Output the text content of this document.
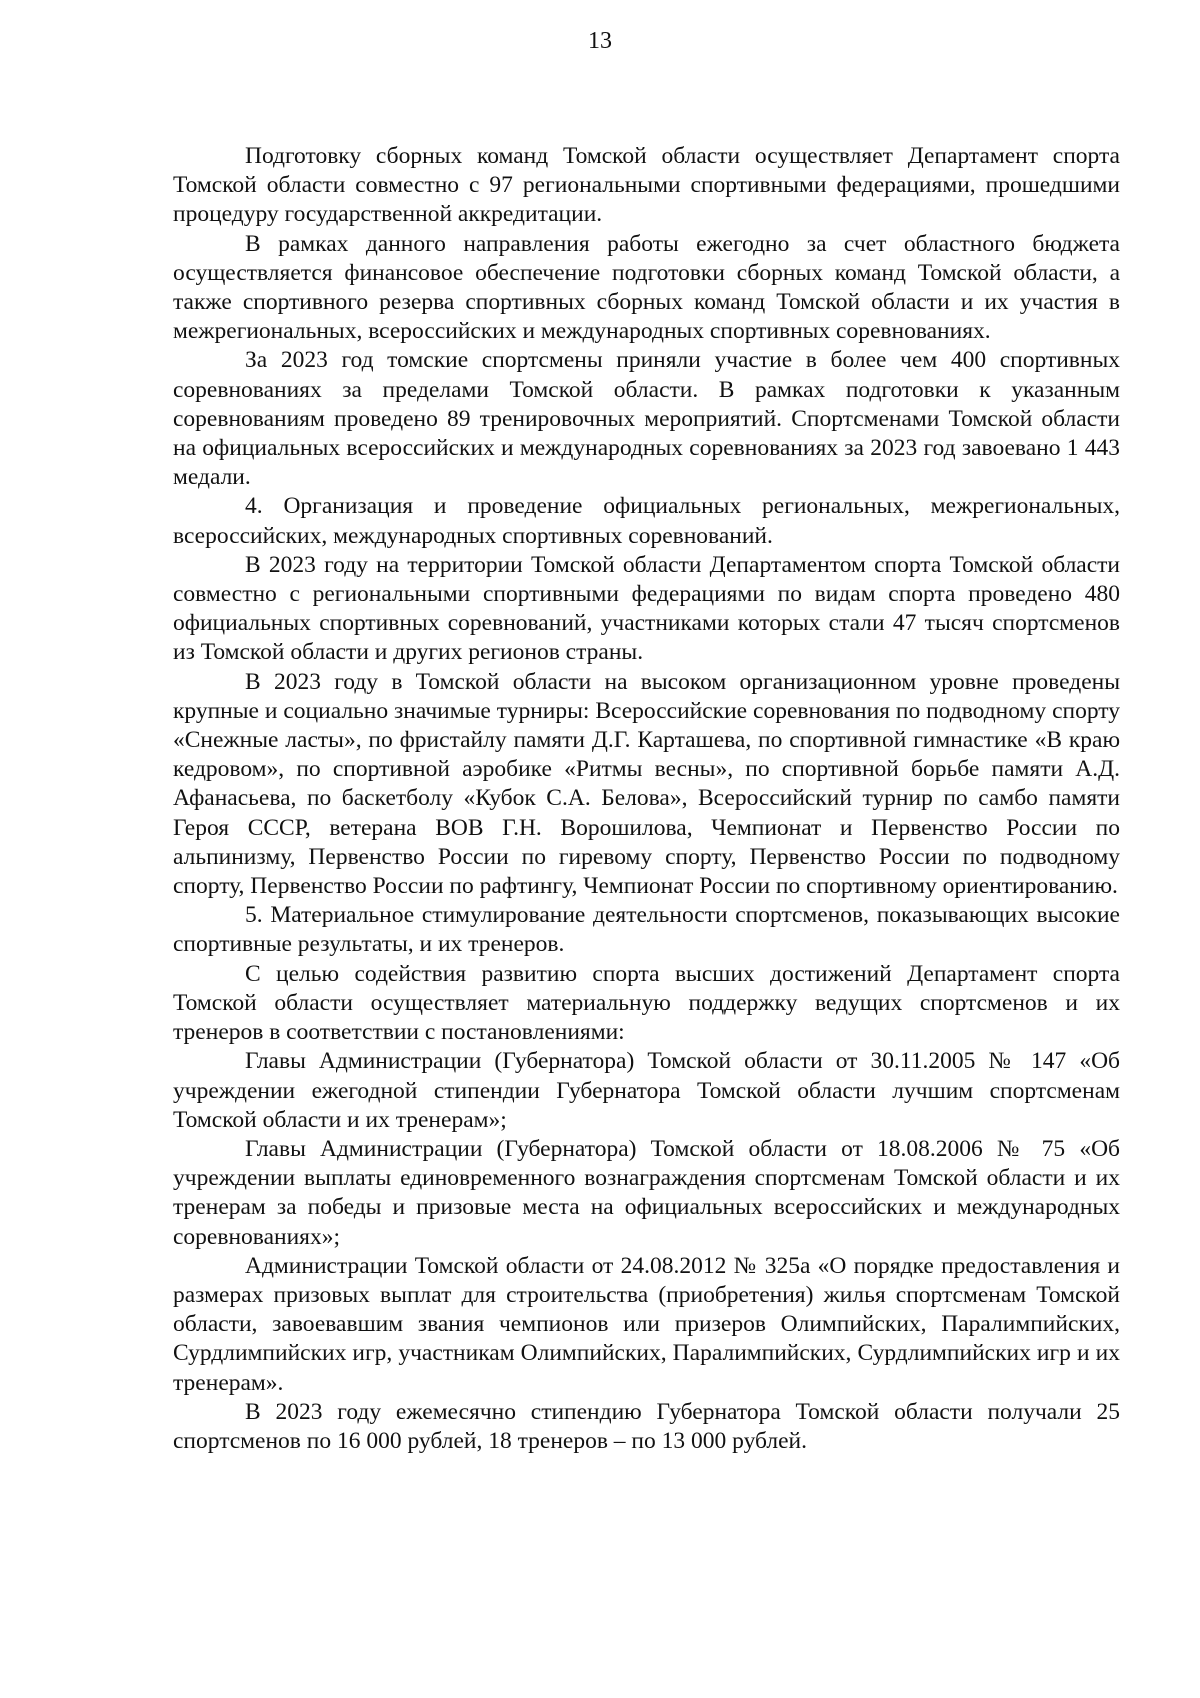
13

Подготовку сборных команд Томской области осуществляет Департамент спорта Томской области совместно с 97 региональными спортивными федерациями, прошедшими процедуру государственной аккредитации.

В рамках данного направления работы ежегодно за счет областного бюджета осуществляется финансовое обеспечение подготовки сборных команд Томской области, а также спортивного резерва спортивных сборных команд Томской области и их участия в межрегиональных, всероссийских и международных спортивных соревнованиях.

За 2023 год томские спортсмены приняли участие в более чем 400 спортивных соревнованиях за пределами Томской области. В рамках подготовки к указанным соревнованиям проведено 89 тренировочных мероприятий. Спортсменами Томской области на официальных всероссийских и международных соревнованиях за 2023 год завоевано 1 443 медали.

4. Организация и проведение официальных региональных, межрегиональных, всероссийских, международных спортивных соревнований.

В 2023 году на территории Томской области Департаментом спорта Томской области совместно с региональными спортивными федерациями по видам спорта проведено 480 официальных спортивных соревнований, участниками которых стали 47 тысяч спортсменов из Томской области и других регионов страны.

В 2023 году в Томской области на высоком организационном уровне проведены крупные и социально значимые турниры: Всероссийские соревнования по подводному спорту «Снежные ласты», по фристайлу памяти Д.Г. Карташева, по спортивной гимнастике «В краю кедровом», по спортивной аэробике «Ритмы весны», по спортивной борьбе памяти А.Д. Афанасьева, по баскетболу «Кубок С.А. Белова», Всероссийский турнир по самбо памяти Героя СССР, ветерана ВОВ Г.Н. Ворошилова, Чемпионат и Первенство России по альпинизму, Первенство России по гиревому спорту, Первенство России по подводному спорту, Первенство России по рафтингу, Чемпионат России по спортивному ориентированию.

5. Материальное стимулирование деятельности спортсменов, показывающих высокие спортивные результаты, и их тренеров.

С целью содействия развитию спорта высших достижений Департамент спорта Томской области осуществляет материальную поддержку ведущих спортсменов и их тренеров в соответствии с постановлениями:

Главы Администрации (Губернатора) Томской области от 30.11.2005 № 147 «Об учреждении ежегодной стипендии Губернатора Томской области лучшим спортсменам Томской области и их тренерам»;

Главы Администрации (Губернатора) Томской области от 18.08.2006 № 75 «Об учреждении выплаты единовременного вознаграждения спортсменам Томской области и их тренерам за победы и призовые места на официальных всероссийских и международных соревнованиях»;

Администрации Томской области от 24.08.2012 № 325а «О порядке предоставления и размерах призовых выплат для строительства (приобретения) жилья спортсменам Томской области, завоевавшим звания чемпионов или призеров Олимпийских, Паралимпийских, Сурдлимпийских игр, участникам Олимпийских, Паралимпийских, Сурдлимпийских игр и их тренерам».

В 2023 году ежемесячно стипендию Губернатора Томской области получали 25 спортсменов по 16 000 рублей, 18 тренеров – по 13 000 рублей.
